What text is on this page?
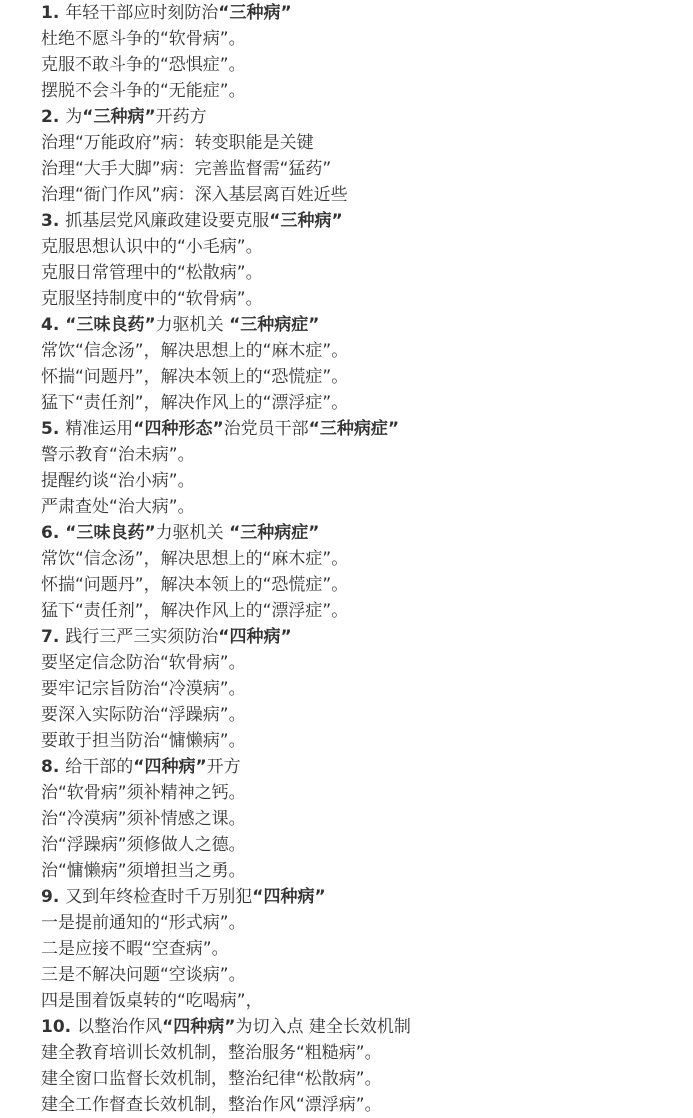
1. 年轻干部应时刻防治“三种病”
杜绝不愿斗争的“软骨病”。
克服不敢斗争的“恐惧症”。
摆脱不会斗争的“无能症”。
2. 为“三种病”开药方
治理“万能政府”病：转变职能是关键
治理“大手大脚”病：完善监督需“猛药”
治理“衙门作风”病：深入基层离百姓近些
3. 抓基层党风廉政建设要克服“三种病”
克服思想认识中的“小毛病”。
克服日常管理中的“松散病”。
克服坚持制度中的“软骨病”。
4. “三味良药”力驱机关 “三种病症”
常饮“信念汤”，解决思想上的“麻木症”。
怀揣“问题丹”，解决本领上的“恐慌症”。
猛下“责任剂”，解决作风上的“漂浮症”。
5. 精准运用“四种形态”治党员干部“三种病症”
警示教育“治未病”。
提醒约谈“治小病”。
严肃查处“治大病”。
6. “三味良药”力驱机关 “三种病症”
常饮“信念汤”，解决思想上的“麻木症”。
怀揣“问题丹”，解决本领上的“恐慌症”。
猛下“责任剂”，解决作风上的“漂浮症”。
7. 践行三严三实须防治“四种病”
要坚定信念防治“软骨病”。
要牢记宗旨防治“冷漠病”。
要深入实际防治“浮躁病”。
要敢于担当防治“慵懒病”。
8. 给干部的“四种病”开方
治“软骨病”须补精神之钙。
治“冷漠病”须补情感之课。
治“浮躁病”须修做人之德。
治“慵懒病”须增担当之勇。
9. 又到年终检查时千万别犯“四种病”
一是提前通知的“形式病”。
二是应接不暇“空查病”。
三是不解决问题“空谈病”。
四是围着饭桌转的“吃喝病”，
10. 以整治作风“四种病”为切入点 建全长效机制
建全教育培训长效机制，整治服务“粗糙病”。
建全窗口监督长效机制，整治纪律“松散病”。
建全工作督查长效机制，整治作风“漂浮病”。
